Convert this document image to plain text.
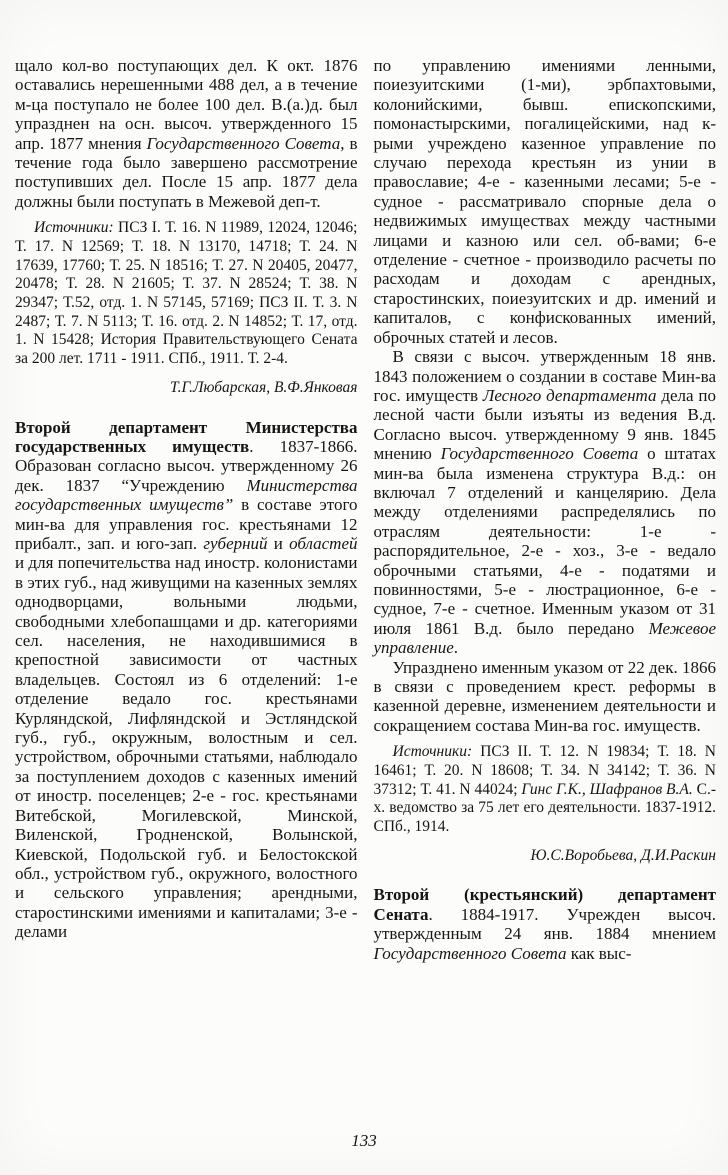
щало кол-во поступающих дел. К окт. 1876 оставались нерешенными 488 дел, а в течение м-ца поступало не более 100 дел. В.(а.)д. был упразднен на осн. высоч. утвержденного 15 апр. 1877 мнения Государственного Совета, в течение года было завершено рассмотрение поступивших дел. После 15 апр. 1877 дела должны были поступать в Межевой деп-т.

Источники: ПСЗ I. Т. 16. N 11989, 12024, 12046; Т. 17. N 12569; Т. 18. N 13170, 14718; Т. 24. N 17639, 17760; Т. 25. N 18516; Т. 27. N 20405, 20477, 20478; Т. 28. N 21605; Т. 37. N 28524; Т. 38. N 29347; Т.52, отд. 1. N 57145, 57169; ПСЗ II. Т. 3. N 2487; Т. 7. N 5113; Т. 16. отд. 2. N 14852; Т. 17, отд. 1. N 15428; История Правительствующего Сената за 200 лет. 1711 - 1911. СПб., 1911. Т. 2-4.

Т.Г.Любарская, В.Ф.Янковая

Второй департамент Министерства государственных имуществ. 1837-1866. Образован согласно высоч. утвержденному 26 дек. 1837 “Учреждению Министерства государственных имуществ” в составе этого мин-ва для управления гос. крестьянами 12 прибалт., зап. и юго-зап. губерний и областей и для попечительства над иностр. колонистами в этих губ., над живущими на казенных землях однодворцами, вольными людьми, свободными хлебопашцами и др. категориями сел. населения, не находившимися в крепостной зависимости от частных владельцев. Состоял из 6 отделений: 1-е отделение ведало гос. крестьянами Курляндской, Лифляндской и Эстляндской губ., губ., окружным, волостным и сел. устройством, оброчными статьями, наблюдало за поступлением доходов с казенных имений от иностр. поселенцев; 2-е - гос. крестьянами Витебской, Могилевской, Минской, Виленской, Гродненской, Волынской, Киевской, Подольской губ. и Белостокской обл., устройством губ., окружного, волостного и сельского управления; арендными, старостинскими имениями и капиталами; 3-е - делами

по управлению имениями ленными, поиезуитскими (1-ми), эрбпахтовыми, колонийскими, бывш. епископскими, помонастырскими, погалицейскими, над к-рыми учреждено казенное управление по случаю перехода крестьян из унии в православие; 4-е - казенными лесами; 5-е - судное - рассматривало спорные дела о недвижимых имуществах между частными лицами и казною или сел. об-вами; 6-е отделение - счетное - производило расчеты по расходам и доходам с арендных, старостинских, поиезуитских и др. имений и капиталов, с конфискованных имений, оброчных статей и лесов.

В связи с высоч. утвержденным 18 янв. 1843 положением о создании в составе Мин-ва гос. имуществ Лесного департамента дела по лесной части были изъяты из ведения В.д. Согласно высоч. утвержденному 9 янв. 1845 мнению Государственного Совета о штатах мин-ва была изменена структура В.д.: он включал 7 отделений и канцелярию. Дела между отделениями распределялись по отраслям деятельности: 1-е - распорядительное, 2-е - хоз., 3-е - ведало оброчными статьями, 4-е - податями и повинностями, 5-е - люстрационное, 6-е - судное, 7-е - счетное. Именным указом от 31 июля 1861 В.д. было передано Межевое управление.

Упразднено именным указом от 22 дек. 1866 в связи с проведением крест. реформы в казенной деревне, изменением деятельности и сокращением состава Мин-ва гос. имуществ.

Источники: ПСЗ II. Т. 12. N 19834; Т. 18. N 16461; Т. 20. N 18608; Т. 34. N 34142; Т. 36. N 37312; Т. 41. N 44024; Гинс Г.К., Шафранов В.А. С.-х. ведомство за 75 лет его деятельности. 1837-1912. СПб., 1914.

Ю.С.Воробьева, Д.И.Раскин

Второй (крестьянский) департамент Сената. 1884-1917. Учрежден высоч. утвержденным 24 янв. 1884 мнением Государственного Совета как выс-

133
